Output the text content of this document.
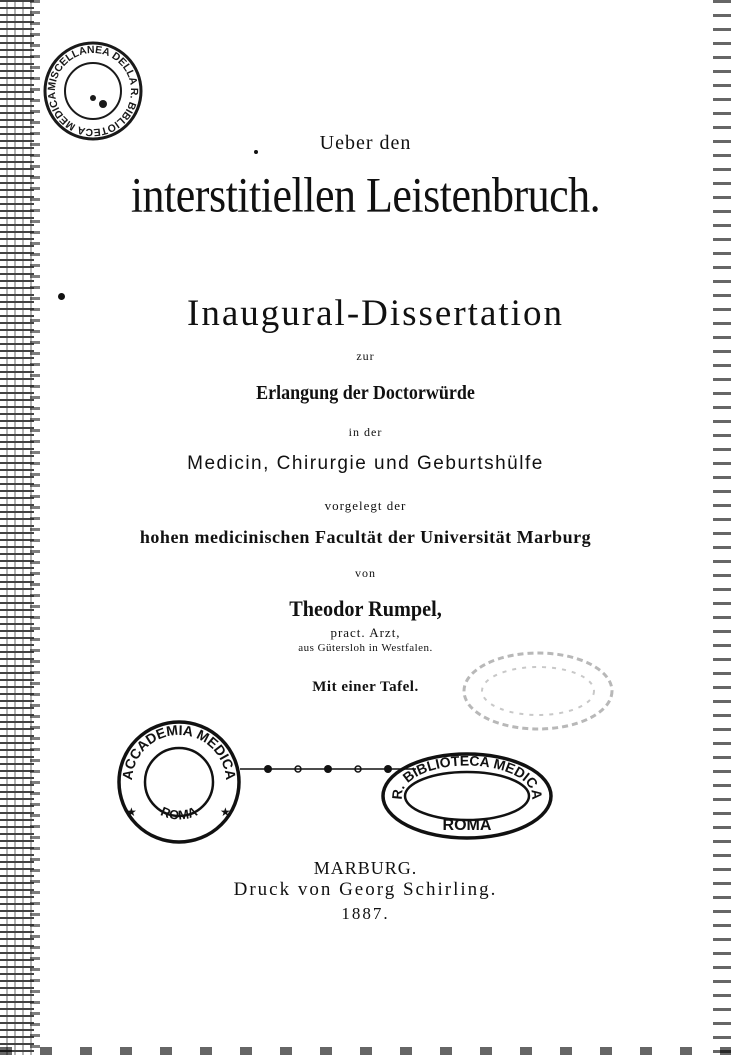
MISCELLANEA DELLA R. BIBLIOTECA MEDICA

Ueber den

interstitiellen Leistenbruch.

Inaugural-Dissertation

zur

Erlangung der Doctorwürde

in der

Medicin, Chirurgie und Geburtshülfe

vorgelegt der

hohen medicinischen Facultät der Universität Marburg

von

Theodor Rumpel,

pract. Arzt,

aus Gütersloh in Westfalen.

Mit einer Tafel.

ACCADEMIA MEDICA
ROMA
★	★
R. BIBLIOTECA MEDICA
ROMA

MARBURG.

Druck von Georg Schirling.

1887.
